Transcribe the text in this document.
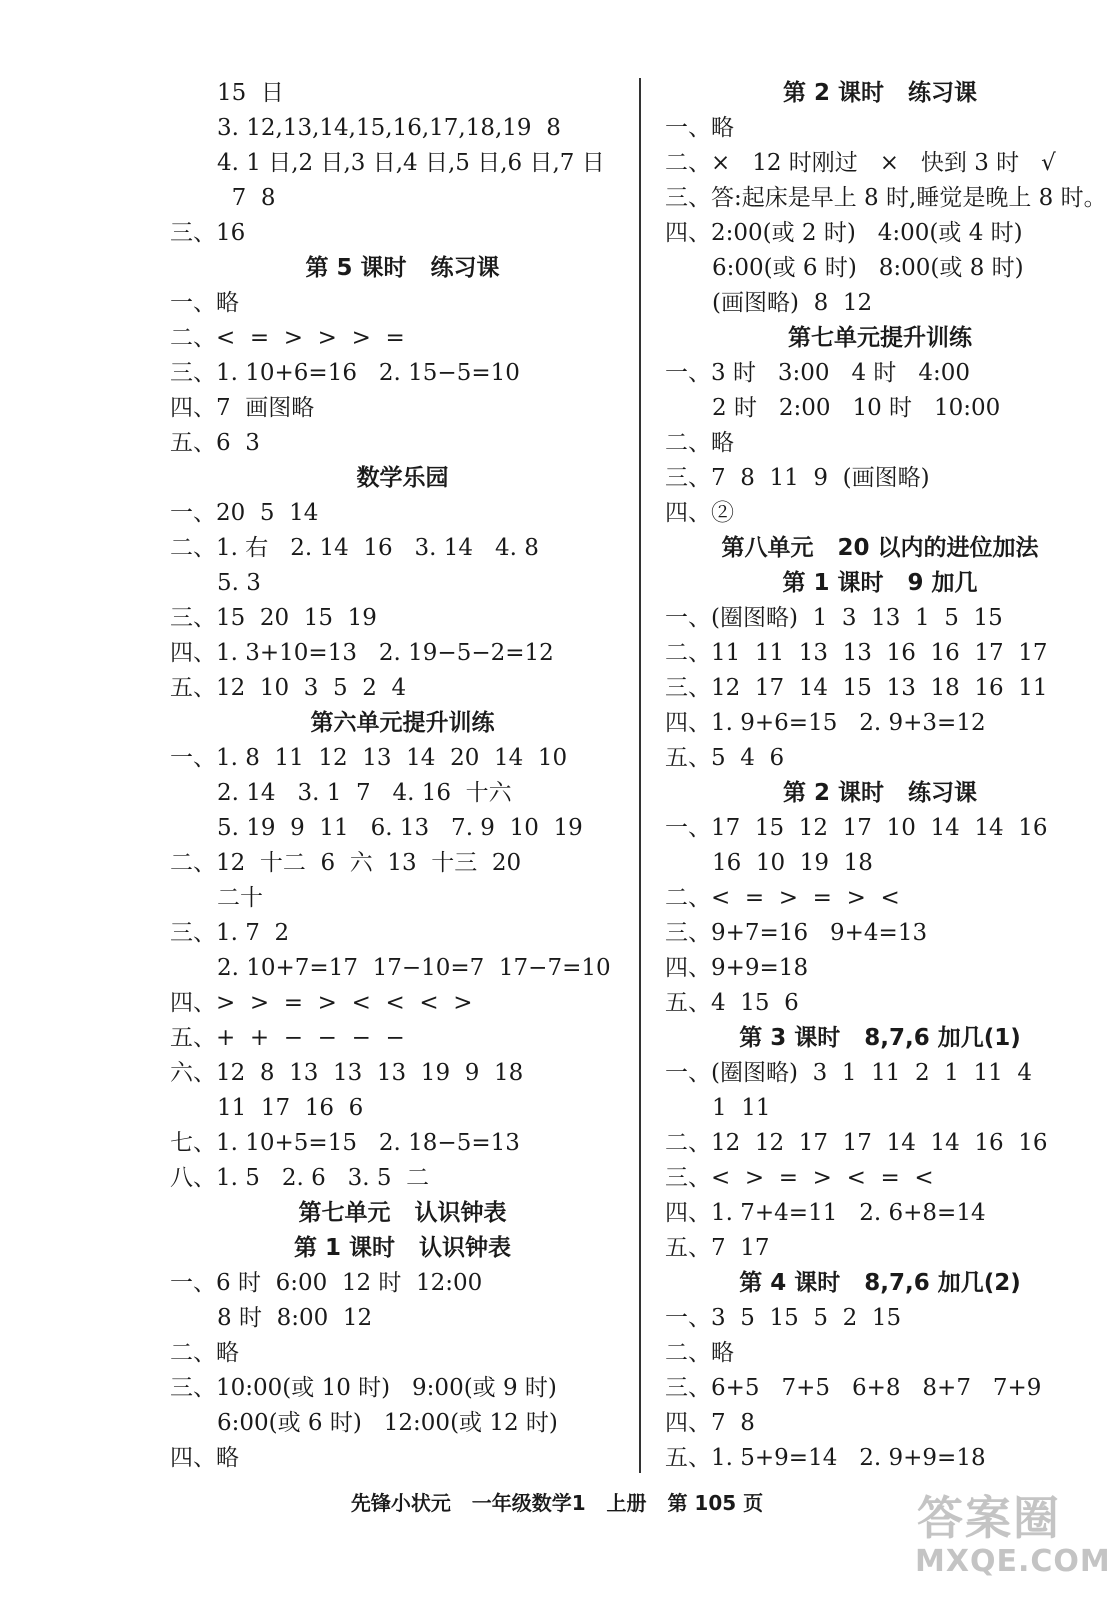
15  日
3. 12,13,14,15,16,17,18,19  8
4. 1 日,2 日,3 日,4 日,5 日,6 日,7 日
7  8
三、16
第 5 课时   练习课
一、略
二、<  =  >  >  >  =
三、1. 10+6=16   2. 15−5=10
四、7  画图略
五、6  3
数学乐园
一、20  5  14
二、1. 右   2. 14  16   3. 14   4. 8
5. 3
三、15  20  15  19
四、1. 3+10=13   2. 19−5−2=12
五、12  10  3  5  2  4
第六单元提升训练
一、1. 8  11  12  13  14  20  14  10
2. 14   3. 1  7   4. 16  十六
5. 19  9  11   6. 13   7. 9  10  19
二、12  十二  6  六  13  十三  20
二十
三、1. 7  2
2. 10+7=17  17−10=7  17−7=10
四、>  >  =  >  <  <  <  >
五、+  +  −  −  −  −
六、12  8  13  13  13  19  9  18
11  17  16  6
七、1. 10+5=15   2. 18−5=13
八、1. 5   2. 6   3. 5  二
第七单元   认识钟表
第 1 课时   认识钟表
一、6 时  6:00  12 时  12:00
8 时  8:00  12
二、略
三、10:00(或 10 时)   9:00(或 9 时)
6:00(或 6 时)   12:00(或 12 时)
四、略
第 2 课时   练习课
一、略
二、×   12 时刚过   ×   快到 3 时   √
三、答:起床是早上 8 时,睡觉是晚上 8 时。
四、2:00(或 2 时)   4:00(或 4 时)
6:00(或 6 时)   8:00(或 8 时)
(画图略)  8  12
第七单元提升训练
一、3 时   3:00   4 时   4:00
2 时   2:00   10 时   10:00
二、略
三、7  8  11  9  (画图略)
四、②
第八单元   20 以内的进位加法
第 1 课时   9 加几
一、(圈图略)  1  3  13  1  5  15
二、11  11  13  13  16  16  17  17
三、12  17  14  15  13  18  16  11
四、1. 9+6=15   2. 9+3=12
五、5  4  6
第 2 课时   练习课
一、17  15  12  17  10  14  14  16
16  10  19  18
二、<  =  >  =  >  <
三、9+7=16   9+4=13
四、9+9=18
五、4  15  6
第 3 课时   8,7,6 加几(1)
一、(圈图略)  3  1  11  2  1  11  4
1  11
二、12  12  17  17  14  14  16  16
三、<  >  =  >  <  =  <
四、1. 7+4=11   2. 6+8=14
五、7  17
第 4 课时   8,7,6 加几(2)
一、3  5  15  5  2  15
二、略
三、6+5   7+5   6+8   8+7   7+9
四、7  8
五、1. 5+9=14   2. 9+9=18
先锋小状元   一年级数学1   上册   第 105 页	答案圈
MXQE.COM
